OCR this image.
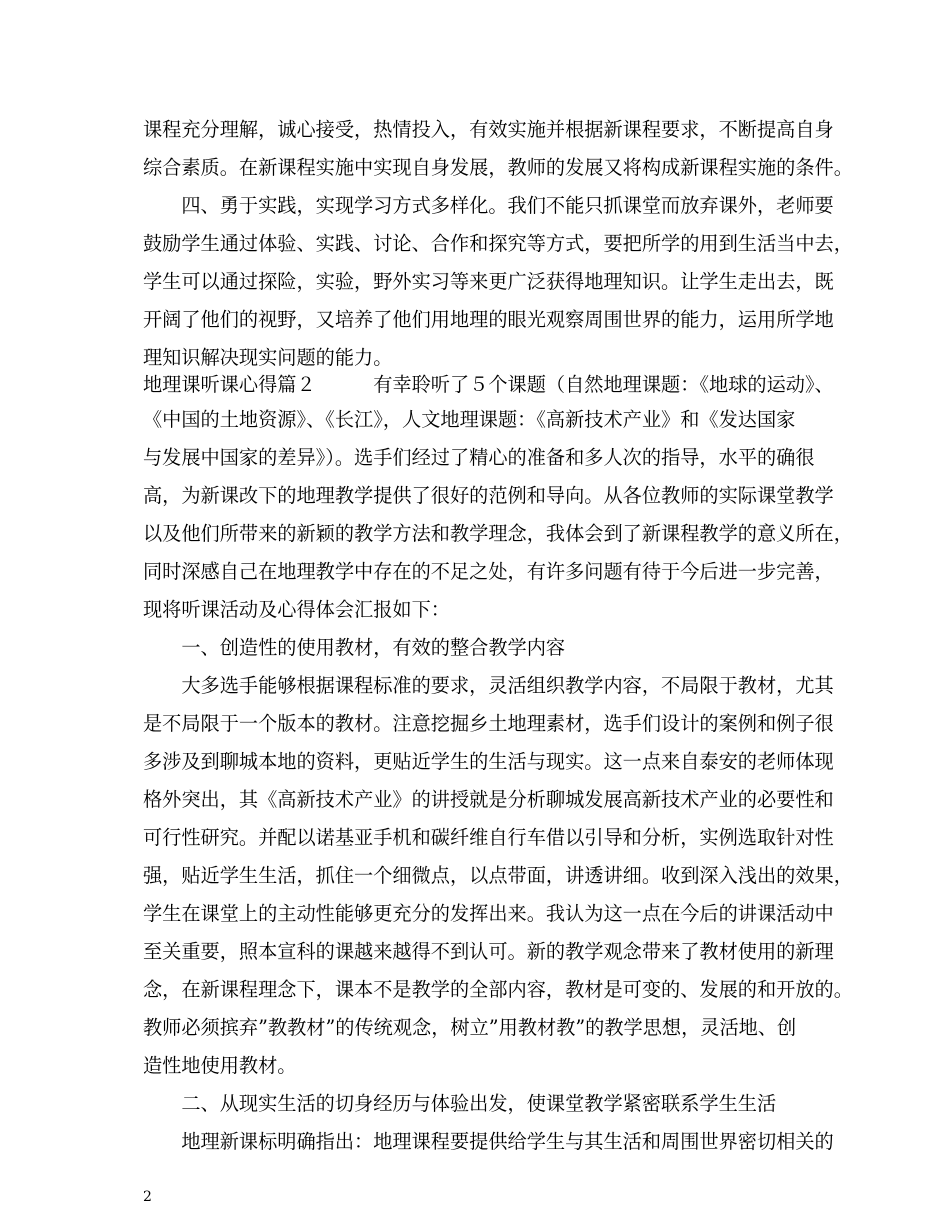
课程充分理解，诚心接受，热情投入，有效实施并根据新课程要求，不断提高自身
综合素质。在新课程实施中实现自身发展，教师的发展又将构成新课程实施的条件。
　　四、勇于实践，实现学习方式多样化。我们不能只抓课堂而放弃课外，老师要
鼓励学生通过体验、实践、讨论、合作和探究等方式，要把所学的用到生活当中去，
学生可以通过探险，实验，野外实习等来更广泛获得地理知识。让学生走出去，既
开阔了他们的视野，又培养了他们用地理的眼光观察周围世界的能力，运用所学地
理知识解决现实问题的能力。
地理课听课心得篇２　　　有幸聆听了５个课题（自然地理课题：《地球的运动》、
《中国的土地资源》、《长江》，人文地理课题：《高新技术产业》和《发达国家
与发展中国家的差异》）。选手们经过了精心的准备和多人次的指导，水平的确很
高，为新课改下的地理教学提供了很好的范例和导向。从各位教师的实际课堂教学
以及他们所带来的新颖的教学方法和教学理念，我体会到了新课程教学的意义所在，
同时深感自己在地理教学中存在的不足之处，有许多问题有待于今后进一步完善，
现将听课活动及心得体会汇报如下：
　　一、创造性的使用教材，有效的整合教学内容
　　大多选手能够根据课程标准的要求，灵活组织教学内容，不局限于教材，尤其
是不局限于一个版本的教材。注意挖掘乡土地理素材，选手们设计的案例和例子很
多涉及到聊城本地的资料，更贴近学生的生活与现实。这一点来自泰安的老师体现
格外突出，其《高新技术产业》的讲授就是分析聊城发展高新技术产业的必要性和
可行性研究。并配以诺基亚手机和碳纤维自行车借以引导和分析，实例选取针对性
强，贴近学生生活，抓住一个细微点，以点带面，讲透讲细。收到深入浅出的效果，
学生在课堂上的主动性能够更充分的发挥出来。我认为这一点在今后的讲课活动中
至关重要，照本宣科的课越来越得不到认可。新的教学观念带来了教材使用的新理
念，在新课程理念下，课本不是教学的全部内容，教材是可变的、发展的和开放的。
教师必须摈弃”教教材”的传统观念，树立”用教材教”的教学思想，灵活地、创
造性地使用教材。
　　二、从现实生活的切身经历与体验出发，使课堂教学紧密联系学生生活
　　地理新课标明确指出：地理课程要提供给学生与其生活和周围世界密切相关的
2
